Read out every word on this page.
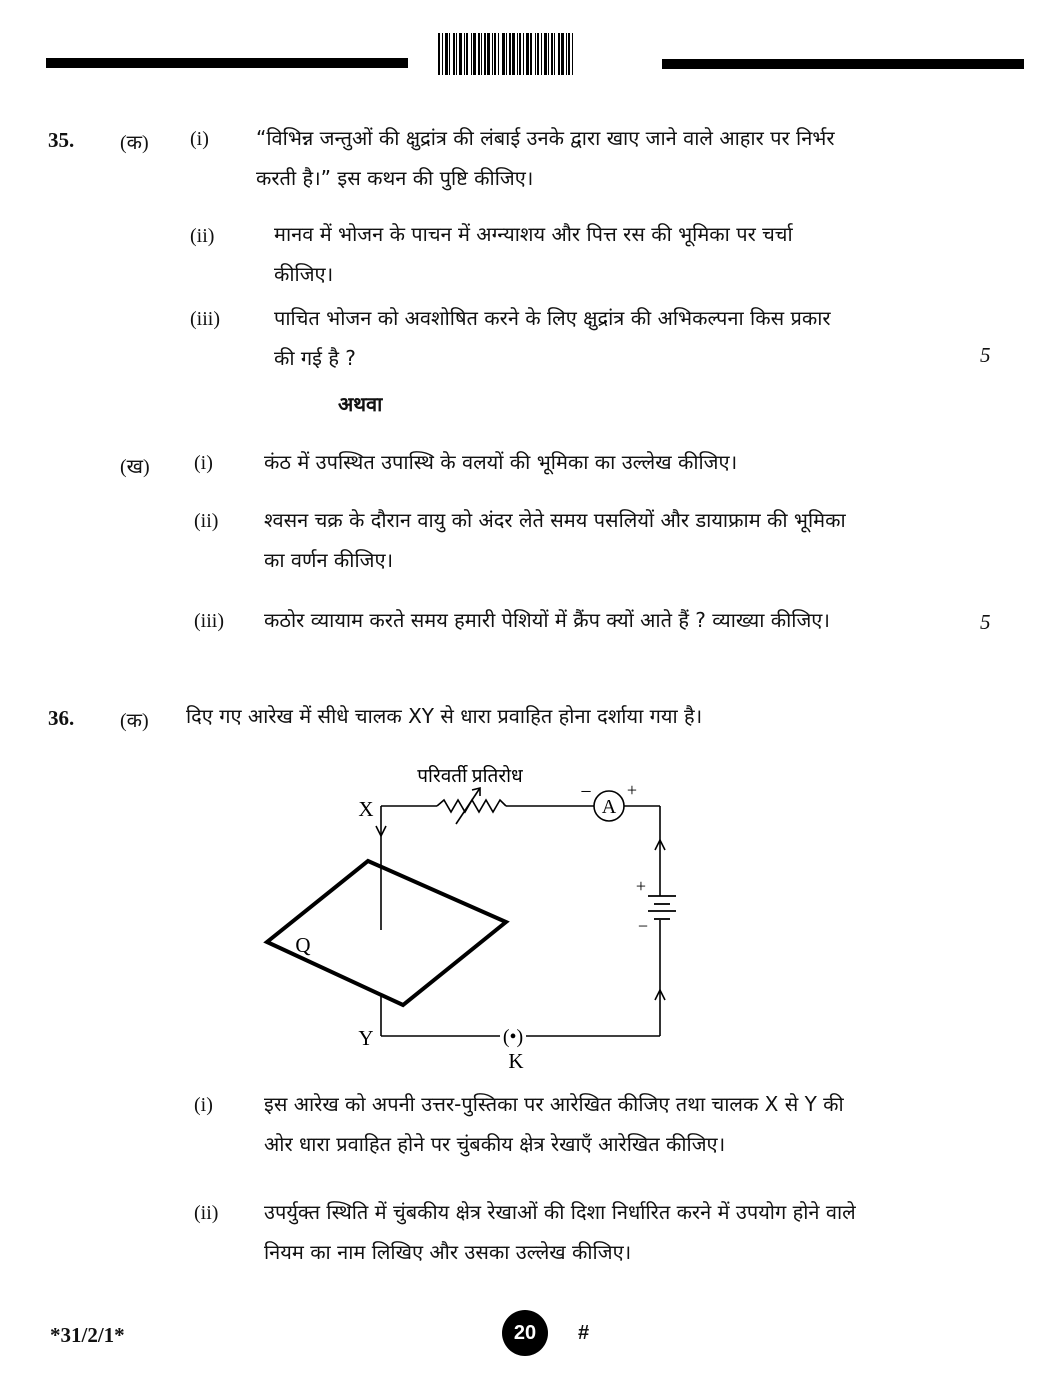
35. (क) (i) “विभिन्न जन्तुओं की क्षुद्रांत्र की लंबाई उनके द्वारा खाए जाने वाले आहार पर निर्भर
करती है।” इस कथन की पुष्टि कीजिए।
(ii)	मानव में भोजन के पाचन में अग्न्याशय और पित्त रस की भूमिका पर चर्चा
कीजिए।
(iii)	पाचित भोजन को अवशोषित करने के लिए क्षुद्रांत्र की अभिकल्पना किस प्रकार
की गई है ?	5
अथवा
(ख) (i)	कंठ में उपस्थित उपास्थि के वलयों की भूमिका का उल्लेख कीजिए।
(ii) श्वसन चक्र के दौरान वायु को अंदर लेते समय पसलियों और डायाफ्राम की भूमिका
का वर्णन कीजिए।
(iii) कठोर व्यायाम करते समय हमारी पेशियों में क्रैंप क्यों आते हैं ? व्याख्या कीजिए।	5
36. (क) दिए गए आरेख में सीधे चालक XY से धारा प्रवाहित होना दर्शाया गया है।
A
− +
+
−
X
Y
Q
K
(•)
परिवर्ती प्रतिरोध
(i)	इस आरेख को अपनी उत्तर-पुस्तिका पर आरेखित कीजिए तथा चालक X से Y की
ओर धारा प्रवाहित होने पर चुंबकीय क्षेत्र रेखाएँ आरेखित कीजिए।
(ii) उपर्युक्त स्थिति में चुंबकीय क्षेत्र रेखाओं की दिशा निर्धारित करने में उपयोग होने वाले
नियम का नाम लिखिए और उसका उल्लेख कीजिए।
*31/2/1*	20	#
